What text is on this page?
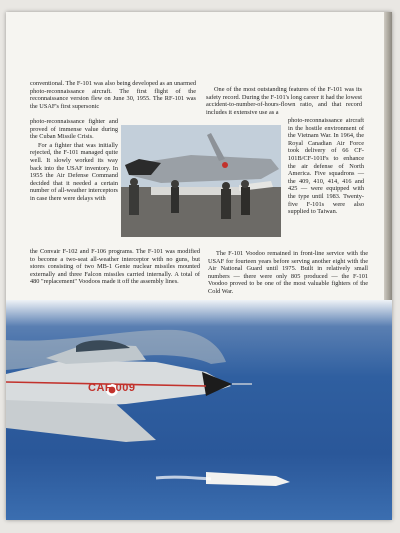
conventional. The F-101 was also being developed as an unarmed photo-reconnaissance aircraft. The first flight of the reconnaissance version flew on June 30, 1955. The RF-101 was the USAF's first supersonic

photo-reconnaissance fighter and proved of immense value during the Cuban Missile Crisis.

For a fighter that was initially rejected, the F-101 managed quite well. It slowly worked its way back into the USAF inventory. In 1955 the Air Defense Command decided that it needed a certain number of all-weather interceptors in case there were delays with

the Convair F-102 and F-106 programs. The F-101 was modified to become a two-seat all-weather interceptor with no guns, but stores consisting of two MB-1 Genie nuclear missiles mounted externally and three Falcon missiles carried internally. A total of 480 "replacement" Voodoos made it off the assembly lines.

One of the most outstanding features of the F-101 was its safety record. During the F-101's long career it had the lowest accident-to-number-of-hours-flown ratio, and that record includes it extensive use as a

photo-reconnaissance aircraft in the hostile environment of the Vietnam War. In 1964, the Royal Canadian Air Force took delivery of 66 CF-101B/CF-101Fs to enhance the air defense of North America. Five squadrons — the 409, 410, 414, 416 and 425 — were equipped with the type until 1983. Twenty-five F-101s were also supplied to Taiwan.

The F-101 Voodoo remained in front-line service with the USAF for fourteen years before serving another eight with the Air National Guard until 1975. Built in relatively small numbers — there were only 805 produced — the F-101 Voodoo proved to be one of the most valuable fighters of the Cold War.

CAF 009
